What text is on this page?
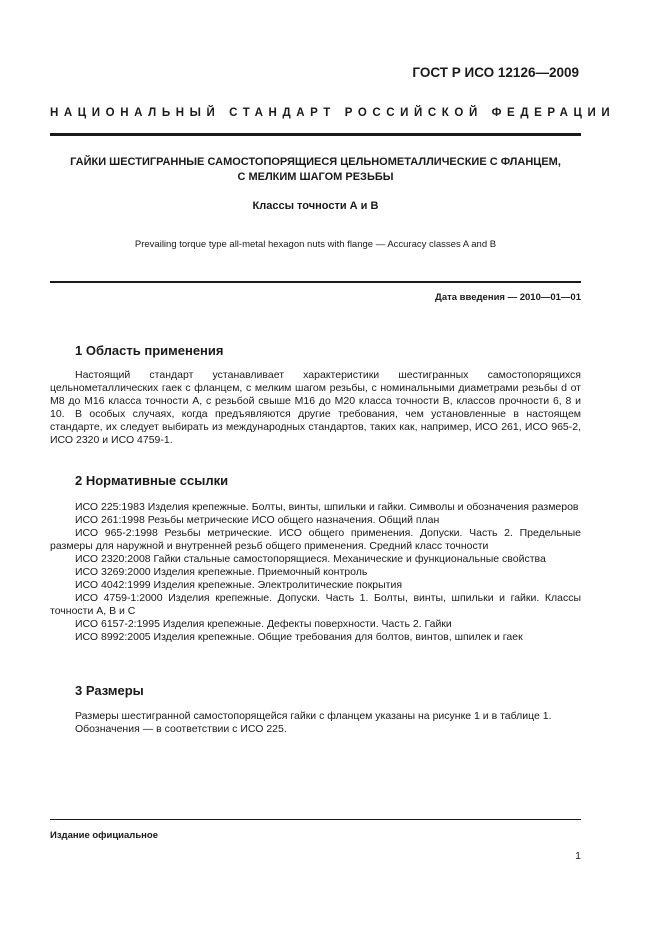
ГОСТ Р ИСО 12126—2009
НАЦИОНАЛЬНЫЙ СТАНДАРТ РОССИЙСКОЙ ФЕДЕРАЦИИ
ГАЙКИ ШЕСТИГРАННЫЕ САМОСТОПОРЯЩИЕСЯ ЦЕЛЬНОМЕТАЛЛИЧЕСКИЕ С ФЛАНЦЕМ,
С МЕЛКИМ ШАГОМ РЕЗЬБЫ
Классы точности А и В
Prevailing torque type all-metal hexagon nuts with flange — Accuracy classes A and B
Дата введения — 2010—01—01
1 Область применения
Настоящий стандарт устанавливает характеристики шестигранных самостопорящихся цельнометаллических гаек с фланцем, с мелким шагом резьбы, с номинальными диаметрами резьбы d от М8 до М16 класса точности А, с резьбой свыше М16 до М20 класса точности В, классов прочности 6, 8 и 10. В особых случаях, когда предъявляются другие требования, чем установленные в настоящем стандарте, их следует выбирать из международных стандартов, таких как, например, ИСО 261, ИСО 965-2, ИСО 2320 и ИСО 4759-1.
2 Нормативные ссылки
ИСО 225:1983 Изделия крепежные. Болты, винты, шпильки и гайки. Символы и обозначения размеров
ИСО 261:1998 Резьбы метрические ИСО общего назначения. Общий план
ИСО 965-2:1998 Резьбы метрические. ИСО общего применения. Допуски. Часть 2. Предельные размеры для наружной и внутренней резьб общего применения. Средний класс точности
ИСО 2320:2008 Гайки стальные самостопорящиеся. Механические и функциональные свойства
ИСО 3269:2000 Изделия крепежные. Приемочный контроль
ИСО 4042:1999 Изделия крепежные. Электролитические покрытия
ИСО 4759-1:2000 Изделия крепежные. Допуски. Часть 1. Болты, винты, шпильки и гайки. Классы точности А, В и С
ИСО 6157-2:1995 Изделия крепежные. Дефекты поверхности. Часть 2. Гайки
ИСО 8992:2005 Изделия крепежные. Общие требования для болтов, винтов, шпилек и гаек
3 Размеры
Размеры шестигранной самостопорящейся гайки с фланцем указаны на рисунке 1 и в таблице 1.
Обозначения — в соответствии с ИСО 225.
Издание официальное
1
